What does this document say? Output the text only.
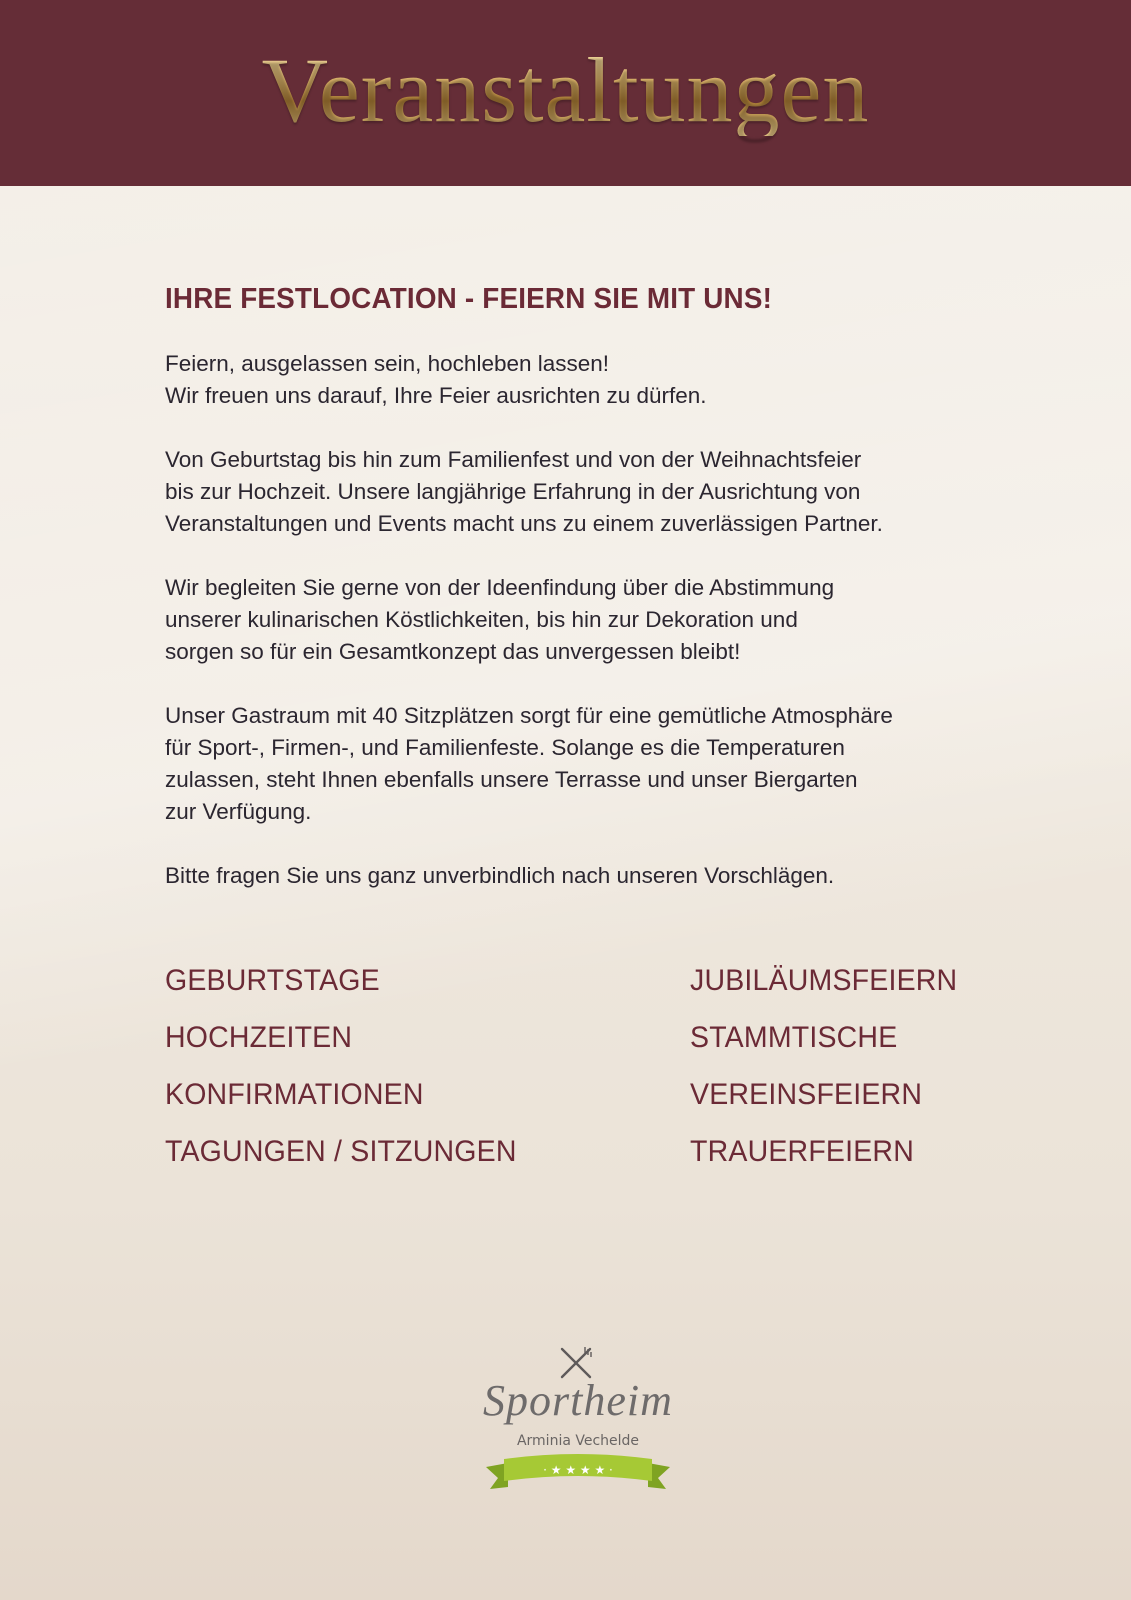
Veranstaltungen
IHRE FESTLOCATION - FEIERN SIE MIT UNS!

Feiern, ausgelassen sein, hochleben lassen!
Wir freuen uns darauf, Ihre Feier ausrichten zu dürfen.

Von Geburtstag bis hin zum Familienfest und von der Weihnachtsfeier
bis zur Hochzeit. Unsere langjährige Erfahrung in der Ausrichtung von
Veranstaltungen und Events macht uns zu einem zuverlässigen Partner.

Wir begleiten Sie gerne von der Ideenfindung über die Abstimmung
unserer kulinarischen Köstlichkeiten, bis hin zur Dekoration und
sorgen so für ein Gesamtkonzept das unvergessen bleibt!

Unser Gastraum mit 40 Sitzplätzen sorgt für eine gemütliche Atmosphäre
für Sport-, Firmen-, und Familienfeste. Solange es die Temperaturen
zulassen, steht Ihnen ebenfalls unsere Terrasse und unser Biergarten
zur Verfügung.

Bitte fragen Sie uns ganz unverbindlich nach unseren Vorschlägen.

GEBURTSTAGE
HOCHZEITEN
KONFIRMATIONEN
TAGUNGEN / SITZUNGEN
JUBILÄUMSFEIERN
STAMMTISCHE
VEREINSFEIERN
TRAUERFEIERN
Sportheim
Arminia Vechelde
· ★ ★ ★ ★ ·
